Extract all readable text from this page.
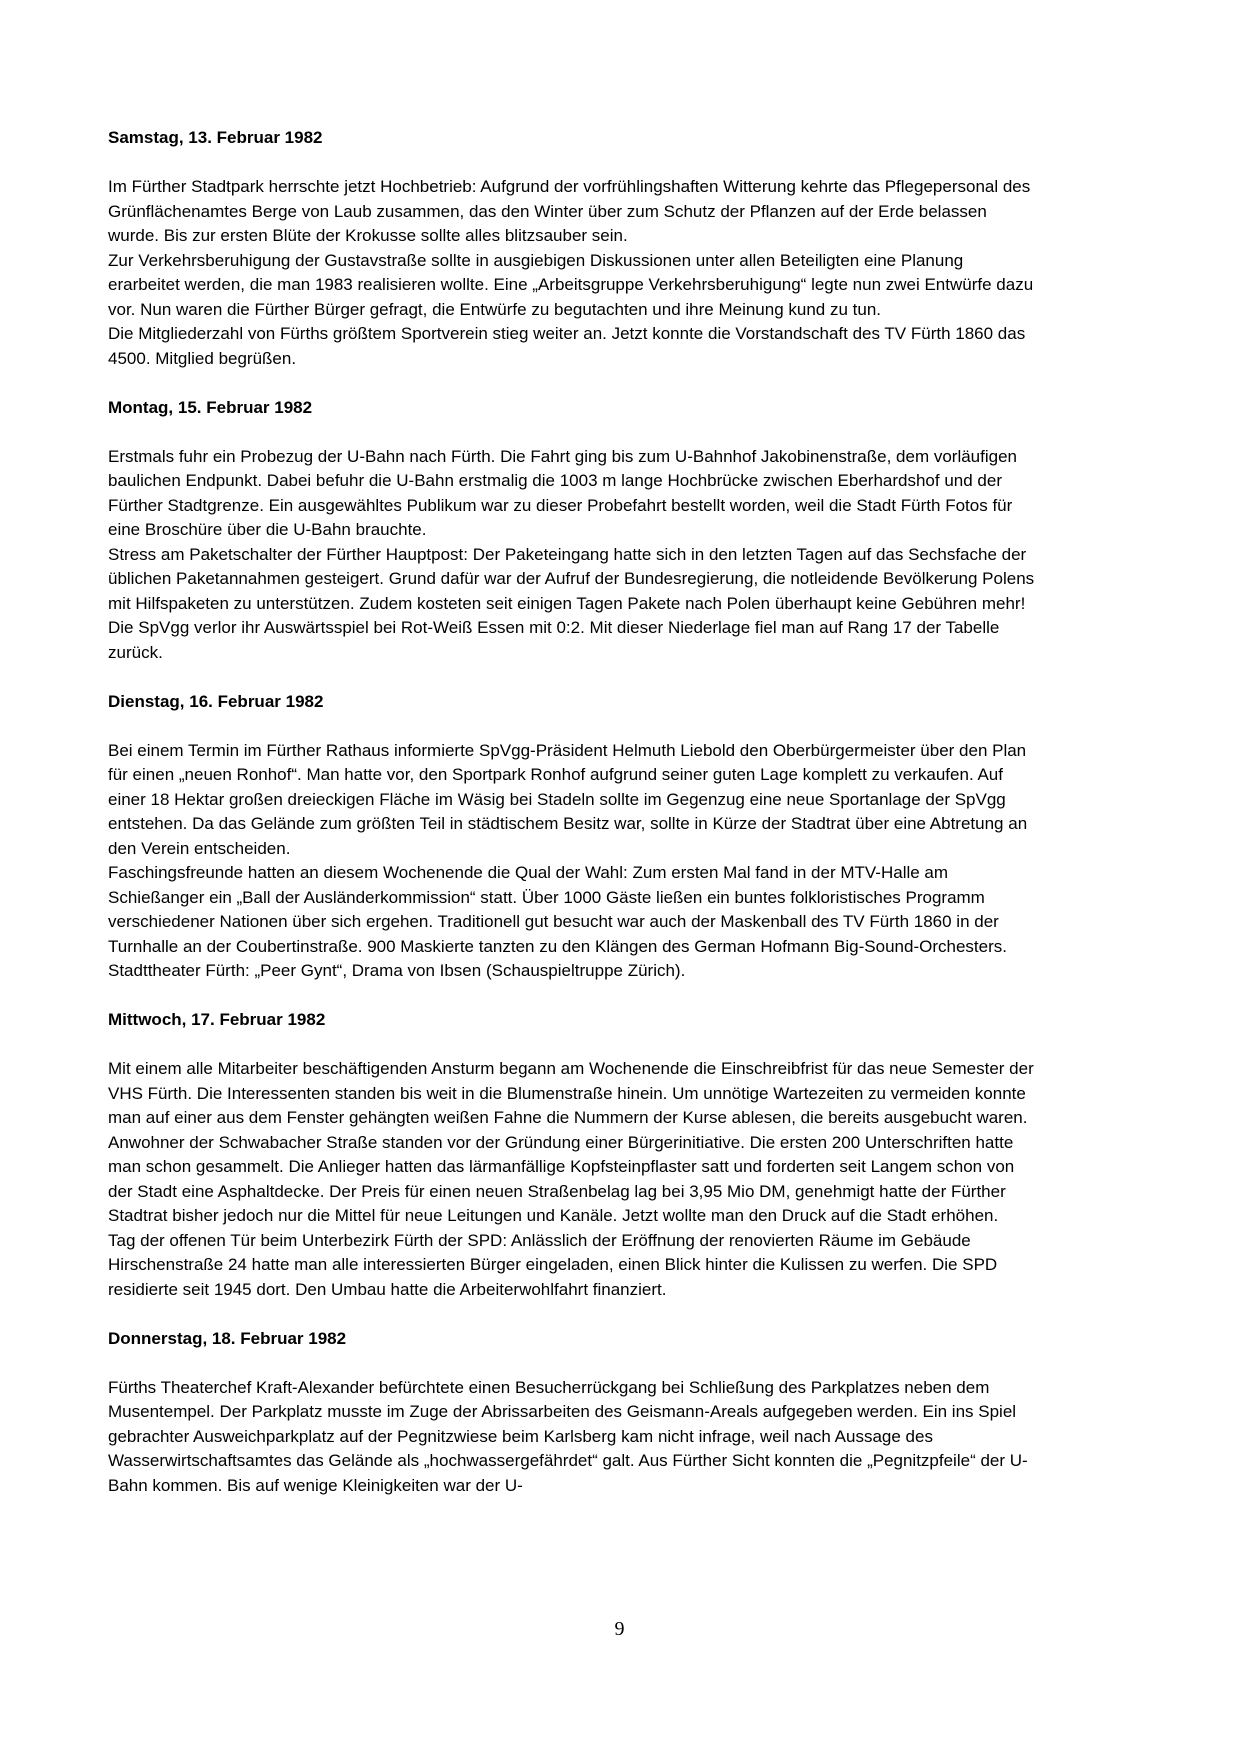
Samstag, 13. Februar 1982

Im Fürther Stadtpark herrschte jetzt Hochbetrieb: Aufgrund der vorfrühlingshaften Witterung kehrte das Pflegepersonal des Grünflächenamtes Berge von Laub zusammen, das den Winter über zum Schutz der Pflanzen auf der Erde belassen wurde. Bis zur ersten Blüte der Krokusse sollte alles blitzsauber sein.

Zur Verkehrsberuhigung der Gustavstraße sollte in ausgiebigen Diskussionen unter allen Beteiligten eine Planung erarbeitet werden, die man 1983 realisieren wollte. Eine „Arbeitsgruppe Verkehrsberuhigung“ legte nun zwei Entwürfe dazu vor. Nun waren die Fürther Bürger gefragt, die Entwürfe zu begutachten und ihre Meinung kund zu tun.

Die Mitgliederzahl von Fürths größtem Sportverein stieg weiter an. Jetzt konnte die Vorstandschaft des TV Fürth 1860 das 4500. Mitglied begrüßen.

Montag, 15. Februar 1982

Erstmals fuhr ein Probezug der U-Bahn nach Fürth. Die Fahrt ging bis zum U-Bahnhof Jakobinenstraße, dem vorläufigen baulichen Endpunkt. Dabei befuhr die U-Bahn erstmalig die 1003 m lange Hochbrücke zwischen Eberhardshof und der Fürther Stadtgrenze. Ein ausgewähltes Publikum war zu dieser Probefahrt bestellt worden, weil die Stadt Fürth Fotos für eine Broschüre über die U-Bahn brauchte.

Stress am Paketschalter der Fürther Hauptpost: Der Paketeingang hatte sich in den letzten Tagen auf das Sechsfache der üblichen Paketannahmen gesteigert. Grund dafür war der Aufruf der Bundesregierung, die notleidende Bevölkerung Polens mit Hilfspaketen zu unterstützen. Zudem kosteten seit einigen Tagen Pakete nach Polen überhaupt keine Gebühren mehr!

Die SpVgg verlor ihr Auswärtsspiel bei Rot-Weiß Essen mit 0:2. Mit dieser Niederlage fiel man auf Rang 17 der Tabelle zurück.

Dienstag, 16. Februar 1982

Bei einem Termin im Fürther Rathaus informierte SpVgg-Präsident Helmuth Liebold den Oberbürgermeister über den Plan für einen „neuen Ronhof“. Man hatte vor, den Sportpark Ronhof aufgrund seiner guten Lage komplett zu verkaufen. Auf einer 18 Hektar großen dreieckigen Fläche im Wäsig bei Stadeln sollte im Gegenzug eine neue Sportanlage der SpVgg entstehen. Da das Gelände zum größten Teil in städtischem Besitz war, sollte in Kürze der Stadtrat über eine Abtretung an den Verein entscheiden.

Faschingsfreunde hatten an diesem Wochenende die Qual der Wahl: Zum ersten Mal fand in der MTV-Halle am Schießanger ein „Ball der Ausländerkommission“ statt. Über 1000 Gäste ließen ein buntes folkloristisches Programm verschiedener Nationen über sich ergehen. Traditionell gut besucht war auch der Maskenball des TV Fürth 1860 in der Turnhalle an der Coubertinstraße. 900 Maskierte tanzten zu den Klängen des German Hofmann Big-Sound-Orchesters.

Stadttheater Fürth: „Peer Gynt“, Drama von Ibsen (Schauspieltruppe Zürich).

Mittwoch, 17. Februar 1982

Mit einem alle Mitarbeiter beschäftigenden Ansturm begann am Wochenende die Einschreibfrist für das neue Semester der VHS Fürth. Die Interessenten standen bis weit in die Blumenstraße hinein. Um unnötige Wartezeiten zu vermeiden konnte man auf einer aus dem Fenster gehängten weißen Fahne die Nummern der Kurse ablesen, die bereits ausgebucht waren.

Anwohner der Schwabacher Straße standen vor der Gründung einer Bürgerinitiative. Die ersten 200 Unterschriften hatte man schon gesammelt. Die Anlieger hatten das lärmanfällige Kopfsteinpflaster satt und forderten seit Langem schon von der Stadt eine Asphaltdecke. Der Preis für einen neuen Straßenbelag lag bei 3,95 Mio DM, genehmigt hatte der Fürther Stadtrat bisher jedoch nur die Mittel für neue Leitungen und Kanäle. Jetzt wollte man den Druck auf die Stadt erhöhen.

Tag der offenen Tür beim Unterbezirk Fürth der SPD: Anlässlich der Eröffnung der renovierten Räume im Gebäude Hirschenstraße 24 hatte man alle interessierten Bürger eingeladen, einen Blick hinter die Kulissen zu werfen. Die SPD residierte seit 1945 dort. Den Umbau hatte die Arbeiterwohlfahrt finanziert.

Donnerstag, 18. Februar 1982

Fürths Theaterchef Kraft-Alexander befürchtete einen Besucherrückgang bei Schließung des Parkplatzes neben dem Musentempel. Der Parkplatz musste im Zuge der Abrissarbeiten des Geismann-Areals aufgegeben werden. Ein ins Spiel gebrachter Ausweichparkplatz auf der Pegnitzwiese beim Karlsberg kam nicht infrage, weil nach Aussage des Wasserwirtschaftsamtes das Gelände als „hochwassergefährdet“ galt. Aus Fürther Sicht konnten die „Pegnitzpfeile“ der U-Bahn kommen. Bis auf wenige Kleinigkeiten war der U-

9
